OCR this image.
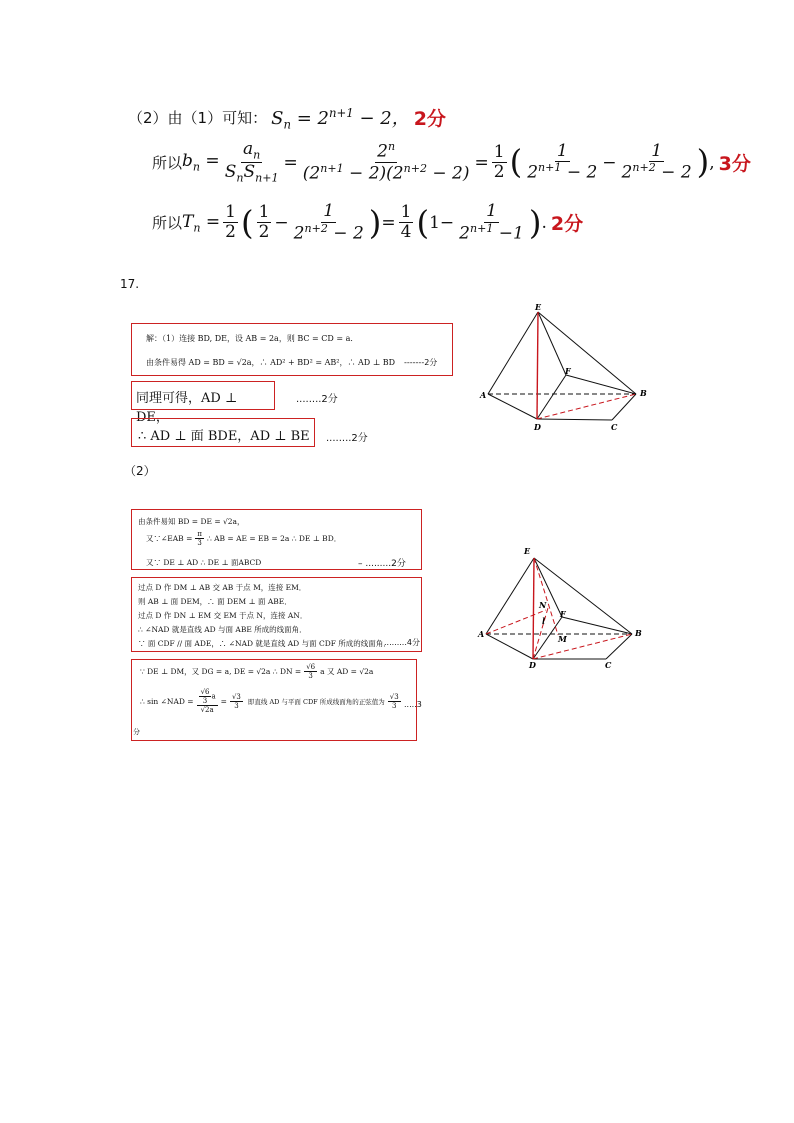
（2）由（1）可知： $S_n = 2^{n+1} - 2$， 2分
所以 $b_n = \frac{a_n}{S_nS_{n+1}} = \frac{2^n}{(2^{n+1} - 2)(2^{n+2} - 2)} = \frac{1}{2}$ ( $\frac{1}{2^{n+1} - 2} - \frac{1}{2^{n+2} - 2}$ ) , 3分
所以 $T_n = \frac{1}{2}$ ( $\frac{1}{2} - \frac{1}{2^{n+2} - 2}$ ) = $\frac{1}{4}$ ( $1- \frac{1}{2^{n+1} -1}$ ) . 2分
17.
解：（1）连接 BD, DE，设 AB = 2a，则 BC = CD = a．
由条件易得 AD = BD = √2a，∴ AD² + BD² = AB²，∴ AD ⊥ BD -------2分
同理可得，AD ⊥ DE，
........2分
∴ AD ⊥ 面 BDE，AD ⊥ BE ........2分
E
A	B
C
D
F
（2）
由条件易知 BD = DE = √2a，
又∵∠EAB = $\frac{\pi}{3}$ ∴ AB = AE = EB = 2a ∴ DE ⊥ BD．
又∵ DE ⊥ AD ∴ DE ⊥ 面ABCD	– .........2分
过点 D 作 DM ⊥ AB 交 AB 于点 M，连接 EM．
则 AB ⊥ 面 DEM，∴ 面 DEM ⊥ 面 ABE．
过点 D 作 DN ⊥ EM 交 EM 于点 N，连接 AN．
∴ ∠NAD 就是直线 AD 与面 ABE 所成的线面角．
∵ 面 CDF // 面 ADE，∴ ∠NAD 就是直线 AD 与面 CDF 所成的线面角．
.........4分
∵ DE ⊥ DM，又 DG = a, DE = √2a ∴ DN = $\frac{√6}{3}$ a 又 AD = √2a
∴ sin ∠NAD = $\frac{\frac{√6}{3} a}{√2a} = \frac{√3}{3}$ 即直线 AD 与平面 CDF 所成线面角的正弦值为 $\frac{√3}{3} .....3$
分
E
A	B
C
D
F
N
M
l
